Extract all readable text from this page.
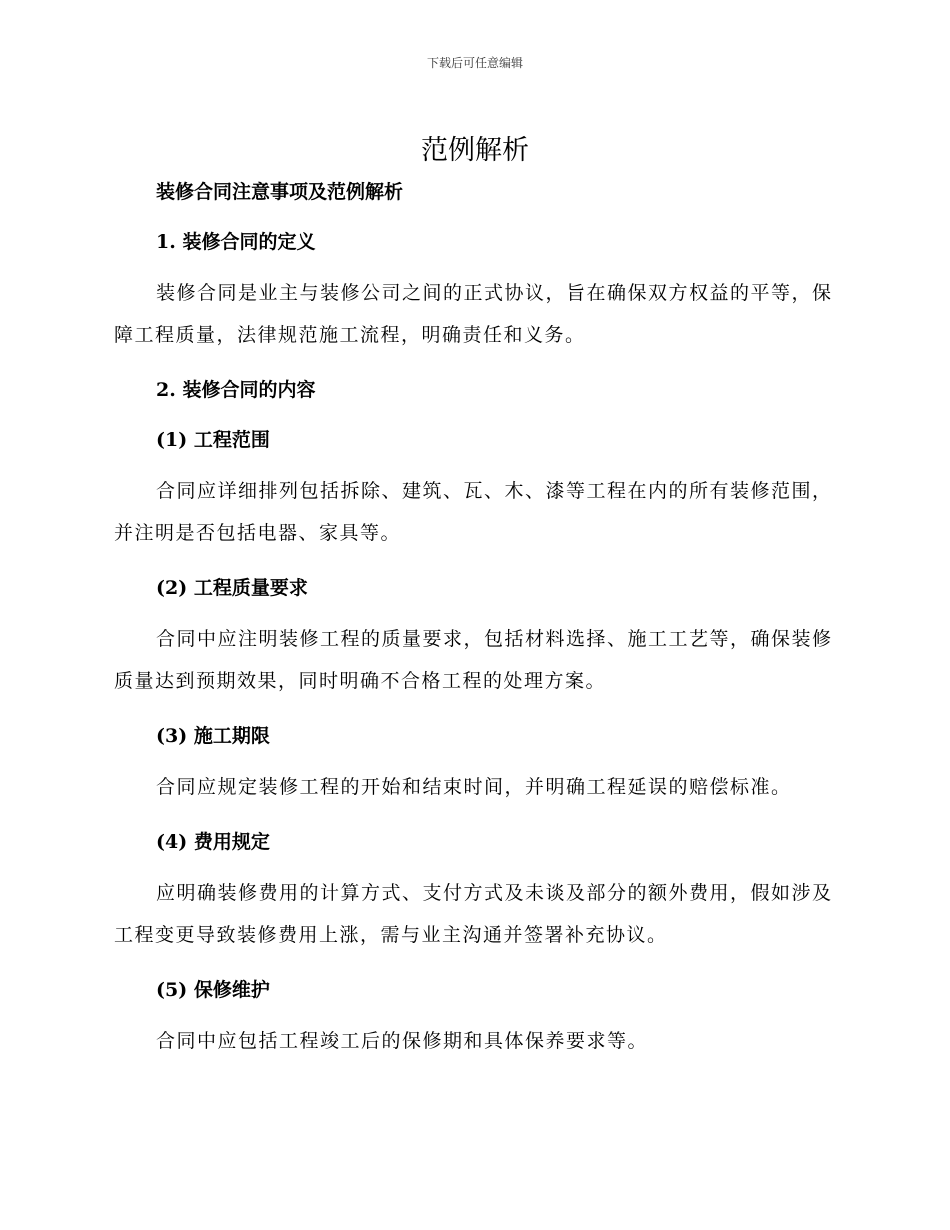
下载后可任意编辑
范例解析

装修合同注意事项及范例解析

1. 装修合同的定义

装修合同是业主与装修公司之间的正式协议，旨在确保双方权益的平等，保障工程质量，法律规范施工流程，明确责任和义务。

2. 装修合同的内容

(1) 工程范围

合同应详细排列包括拆除、建筑、瓦、木、漆等工程在内的所有装修范围，并注明是否包括电器、家具等。

(2) 工程质量要求

合同中应注明装修工程的质量要求，包括材料选择、施工工艺等，确保装修质量达到预期效果，同时明确不合格工程的处理方案。

(3) 施工期限

合同应规定装修工程的开始和结束时间，并明确工程延误的赔偿标准。

(4) 费用规定

应明确装修费用的计算方式、支付方式及未谈及部分的额外费用，假如涉及工程变更导致装修费用上涨，需与业主沟通并签署补充协议。

(5) 保修维护

合同中应包括工程竣工后的保修期和具体保养要求等。
